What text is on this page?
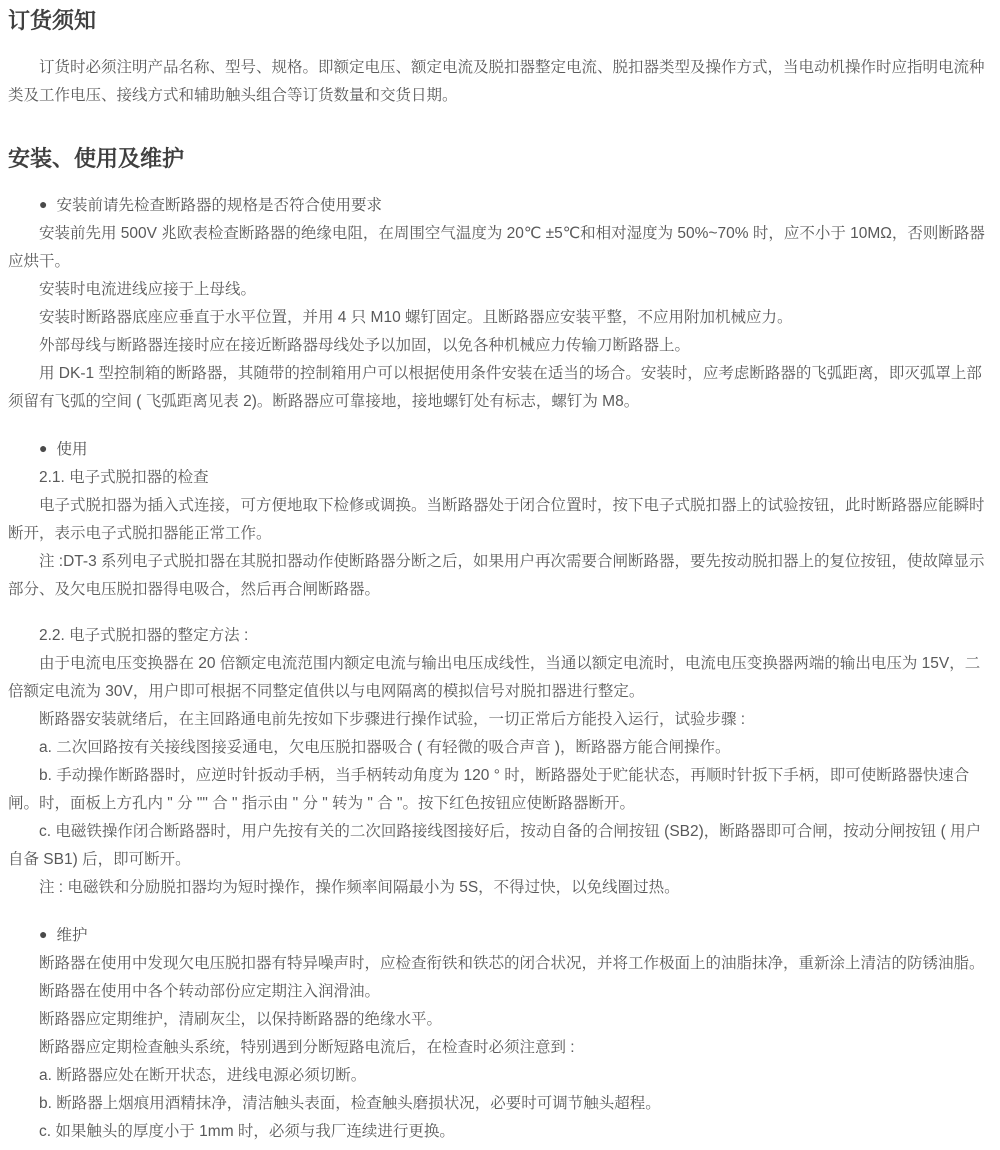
订货须知

订货时必须注明产品名称、型号、规格。即额定电压、额定电流及脱扣器整定电流、脱扣器类型及操作方式，当电动机操作时应指明电流种类及工作电压、接线方式和辅助触头组合等订货数量和交货日期。

安装、使用及维护

● 安装前请先检查断路器的规格是否符合使用要求

安装前先用 500V 兆欧表检查断路器的绝缘电阻，在周围空气温度为 20℃ ±5℃和相对湿度为 50%~70% 时，应不小于 10MΩ，否则断路器应烘干。

安装时电流进线应接于上母线。

安装时断路器底座应垂直于水平位置，并用 4 只 M10 螺钉固定。且断路器应安装平整，不应用附加机械应力。

外部母线与断路器连接时应在接近断路器母线处予以加固，以免各种机械应力传输刀断路器上。

用 DK-1 型控制箱的断路器，其随带的控制箱用户可以根据使用条件安装在适当的场合。安装时，应考虑断路器的飞弧距离，即灭弧罩上部须留有飞弧的空间 ( 飞弧距离见表 2)。断路器应可靠接地，接地螺钉处有标志，螺钉为 M8。

● 使用

2.1. 电子式脱扣器的检查

电子式脱扣器为插入式连接，可方便地取下检修或调换。当断路器处于闭合位置时，按下电子式脱扣器上的试验按钮，此时断路器应能瞬时断开，表示电子式脱扣器能正常工作。

注 :DT-3 系列电子式脱扣器在其脱扣器动作使断路器分断之后，如果用户再次需要合闸断路器，要先按动脱扣器上的复位按钮，使故障显示部分、及欠电压脱扣器得电吸合，然后再合闸断路器。

2.2. 电子式脱扣器的整定方法 :

由于电流电压变换器在 20 倍额定电流范围内额定电流与输出电压成线性，当通以额定电流时，电流电压变换器两端的输出电压为 15V，二倍额定电流为 30V，用户即可根据不同整定值供以与电网隔离的模拟信号对脱扣器进行整定。

断路器安装就绪后，在主回路通电前先按如下步骤进行操作试验，一切正常后方能投入运行，试验步骤 :

a. 二次回路按有关接线图接妥通电，欠电压脱扣器吸合 ( 有轻微的吸合声音 )，断路器方能合闸操作。

b. 手动操作断路器时，应逆时针扳动手柄，当手柄转动角度为 120 ° 时，断路器处于贮能状态，再顺时针扳下手柄，即可使断路器快速合闸。时，面板上方孔内 " 分 "" 合 " 指示由 " 分 " 转为 " 合 "。按下红色按钮应使断路器断开。

c. 电磁铁操作闭合断路器时，用户先按有关的二次回路接线图接好后，按动自备的合闸按钮 (SB2)，断路器即可合闸，按动分闸按钮 ( 用户自备 SB1) 后，即可断开。

注 : 电磁铁和分励脱扣器均为短时操作，操作频率间隔最小为 5S，不得过快，以免线圈过热。

● 维护

断路器在使用中发现欠电压脱扣器有特异噪声时，应检查衔铁和铁芯的闭合状况，并将工作极面上的油脂抹净，重新涂上清洁的防锈油脂。

断路器在使用中各个转动部份应定期注入润滑油。

断路器应定期维护，清刷灰尘，以保持断路器的绝缘水平。

断路器应定期检查触头系统，特别遇到分断短路电流后，在检查时必须注意到 :

a. 断路器应处在断开状态，进线电源必须切断。

b. 断路器上烟痕用酒精抹净，清洁触头表面，检查触头磨损状况，必要时可调节触头超程。

c. 如果触头的厚度小于 1mm 时，必须与我厂连续进行更换。
